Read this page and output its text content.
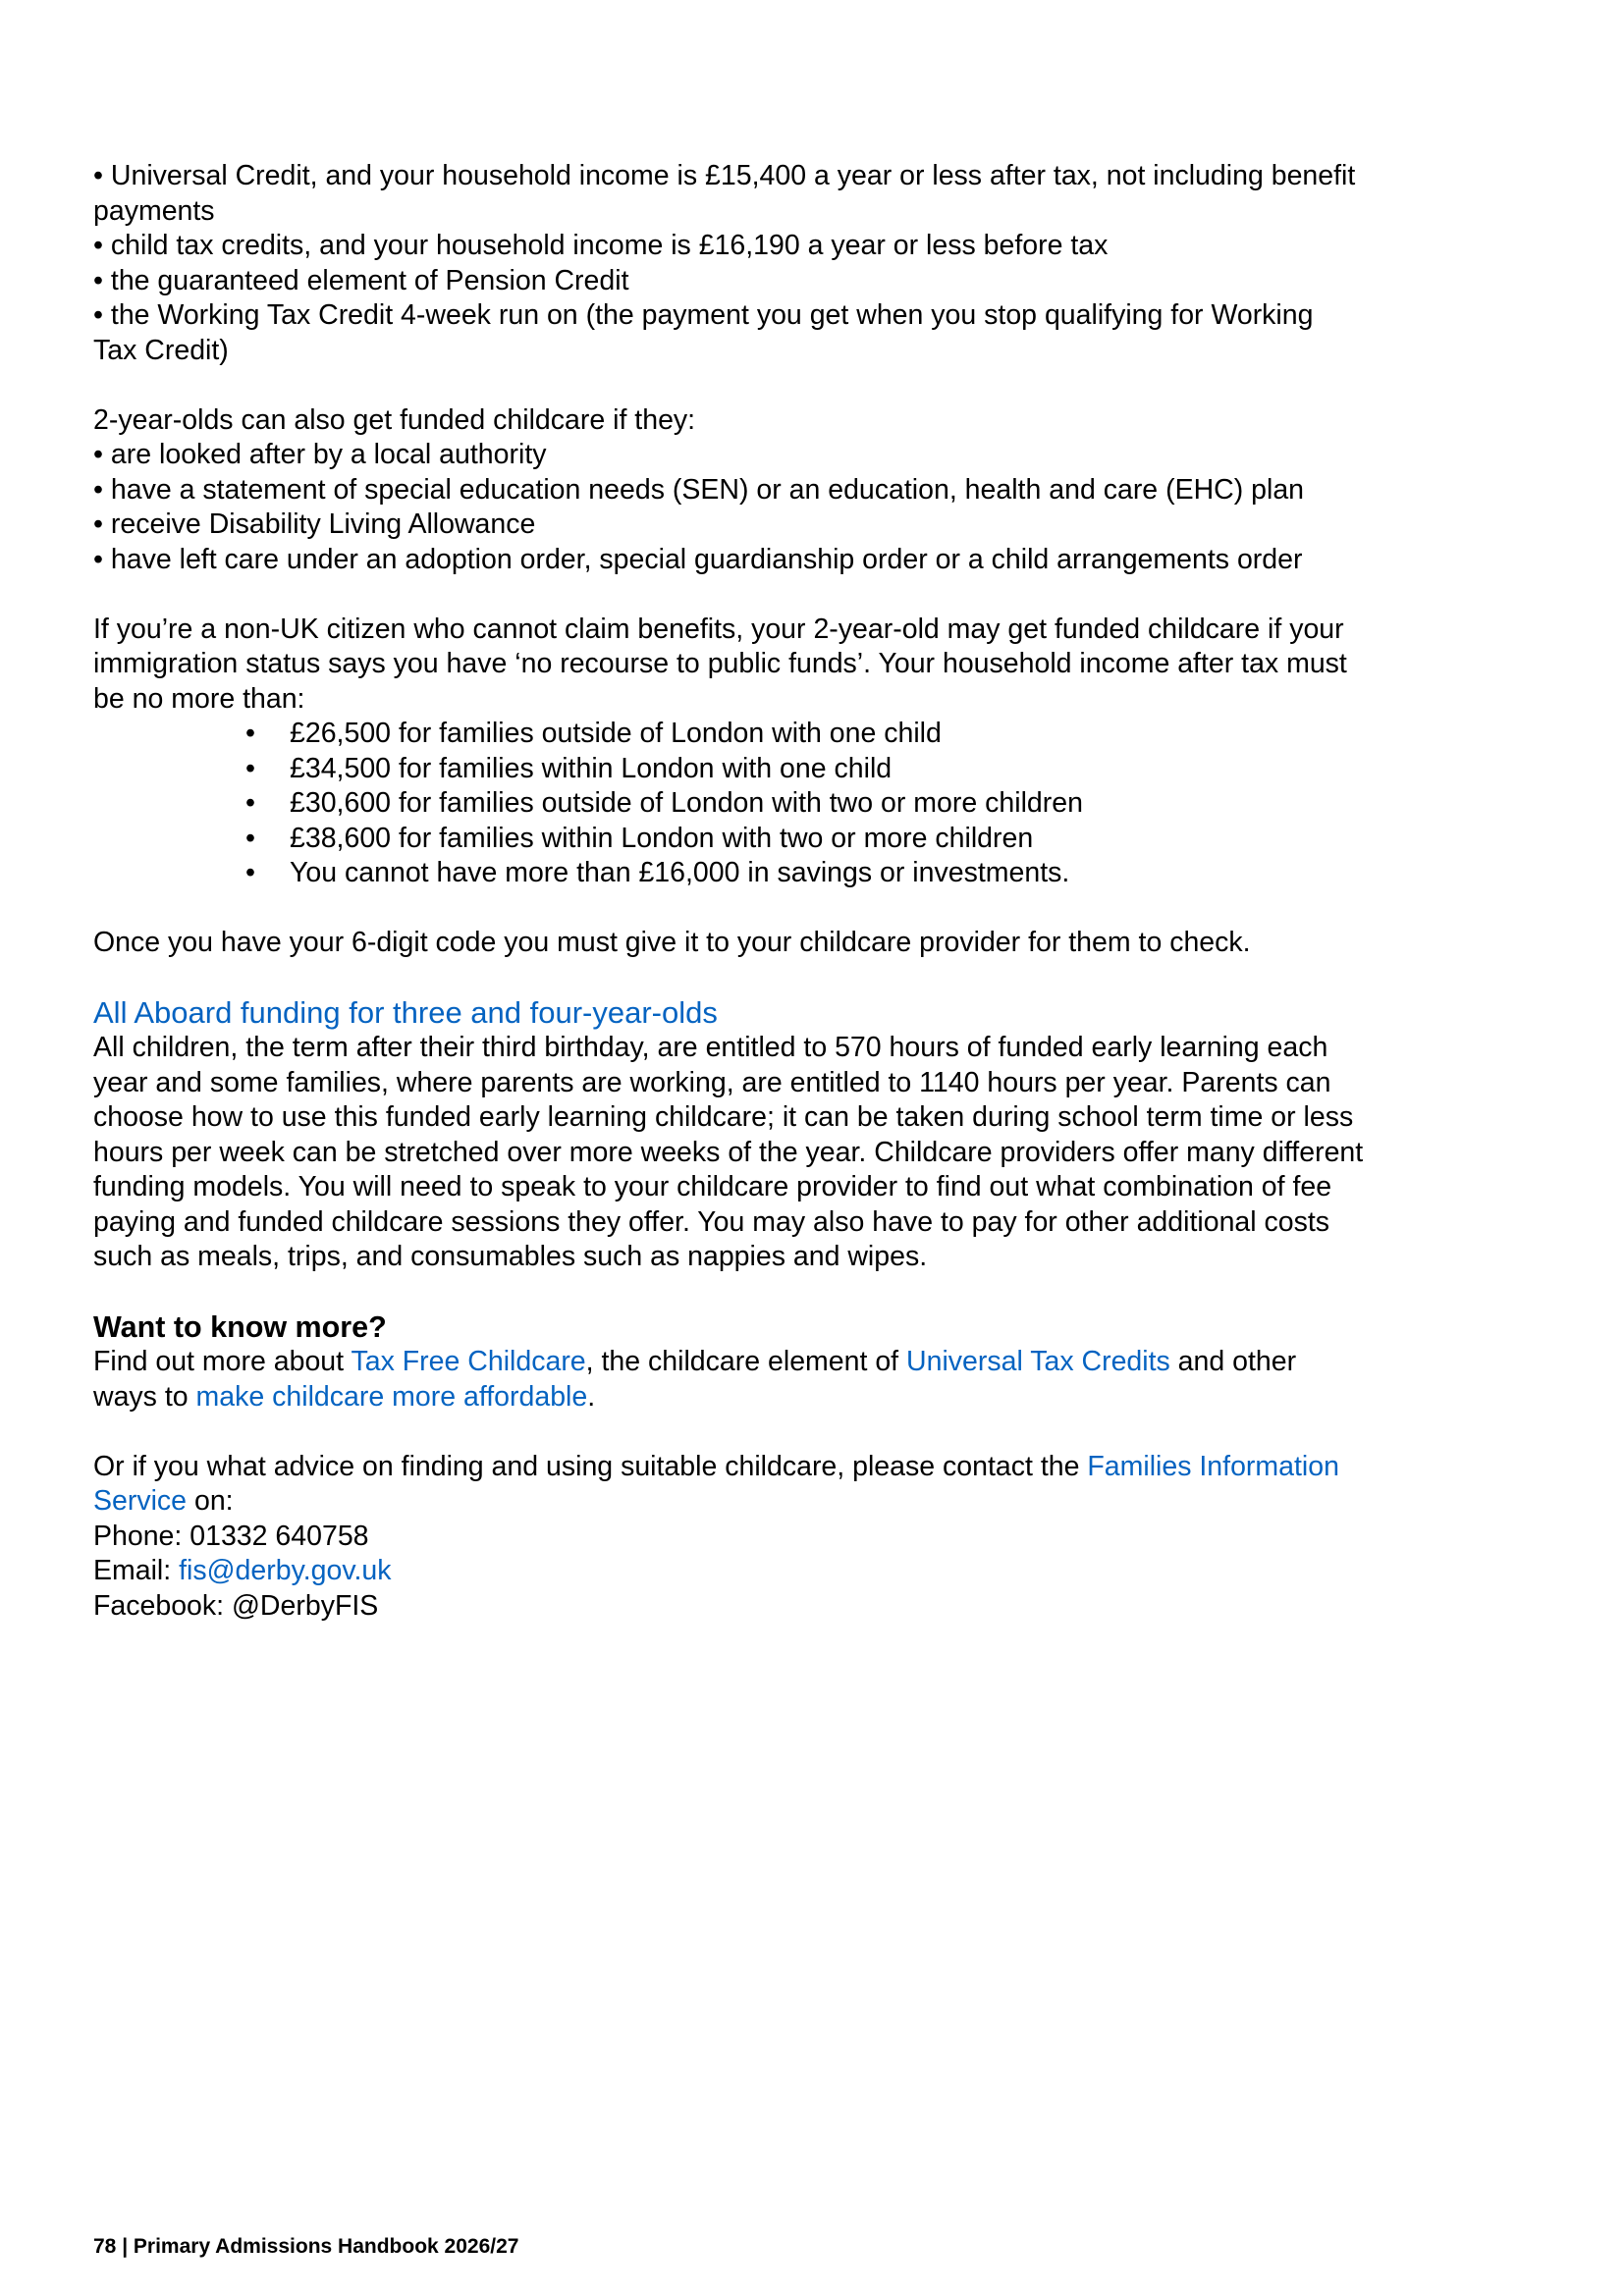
• Universal Credit, and your household income is £15,400 a year or less after tax, not including benefit
payments
• child tax credits, and your household income is £16,190 a year or less before tax
• the guaranteed element of Pension Credit
• the Working Tax Credit 4-week run on (the payment you get when you stop qualifying for Working
Tax Credit)
2-year-olds can also get funded childcare if they:
• are looked after by a local authority
• have a statement of special education needs (SEN) or an education, health and care (EHC) plan
• receive Disability Living Allowance
• have left care under an adoption order, special guardianship order or a child arrangements order
If you’re a non-UK citizen who cannot claim benefits, your 2-year-old may get funded childcare if your
immigration status says you have ‘no recourse to public funds’. Your household income after tax must
be no more than:
• £26,500 for families outside of London with one child
• £34,500 for families within London with one child
• £30,600 for families outside of London with two or more children
• £38,600 for families within London with two or more children
• You cannot have more than £16,000 in savings or investments.
Once you have your 6-digit code you must give it to your childcare provider for them to check.
All Aboard funding for three and four-year-olds
All children, the term after their third birthday, are entitled to 570 hours of funded early learning each
year and some families, where parents are working, are entitled to 1140 hours per year. Parents can
choose how to use this funded early learning childcare; it can be taken during school term time or less
hours per week can be stretched over more weeks of the year. Childcare providers offer many different
funding models. You will need to speak to your childcare provider to find out what combination of fee
paying and funded childcare sessions they offer. You may also have to pay for other additional costs
such as meals, trips, and consumables such as nappies and wipes.
Want to know more?
Find out more about Tax Free Childcare, the childcare element of Universal Tax Credits and other
ways to make childcare more affordable.
Or if you what advice on finding and using suitable childcare, please contact the Families Information
Service on:
Phone: 01332 640758
Email: fis@derby.gov.uk
Facebook: @DerbyFIS
78 | Primary Admissions Handbook 2026/27
